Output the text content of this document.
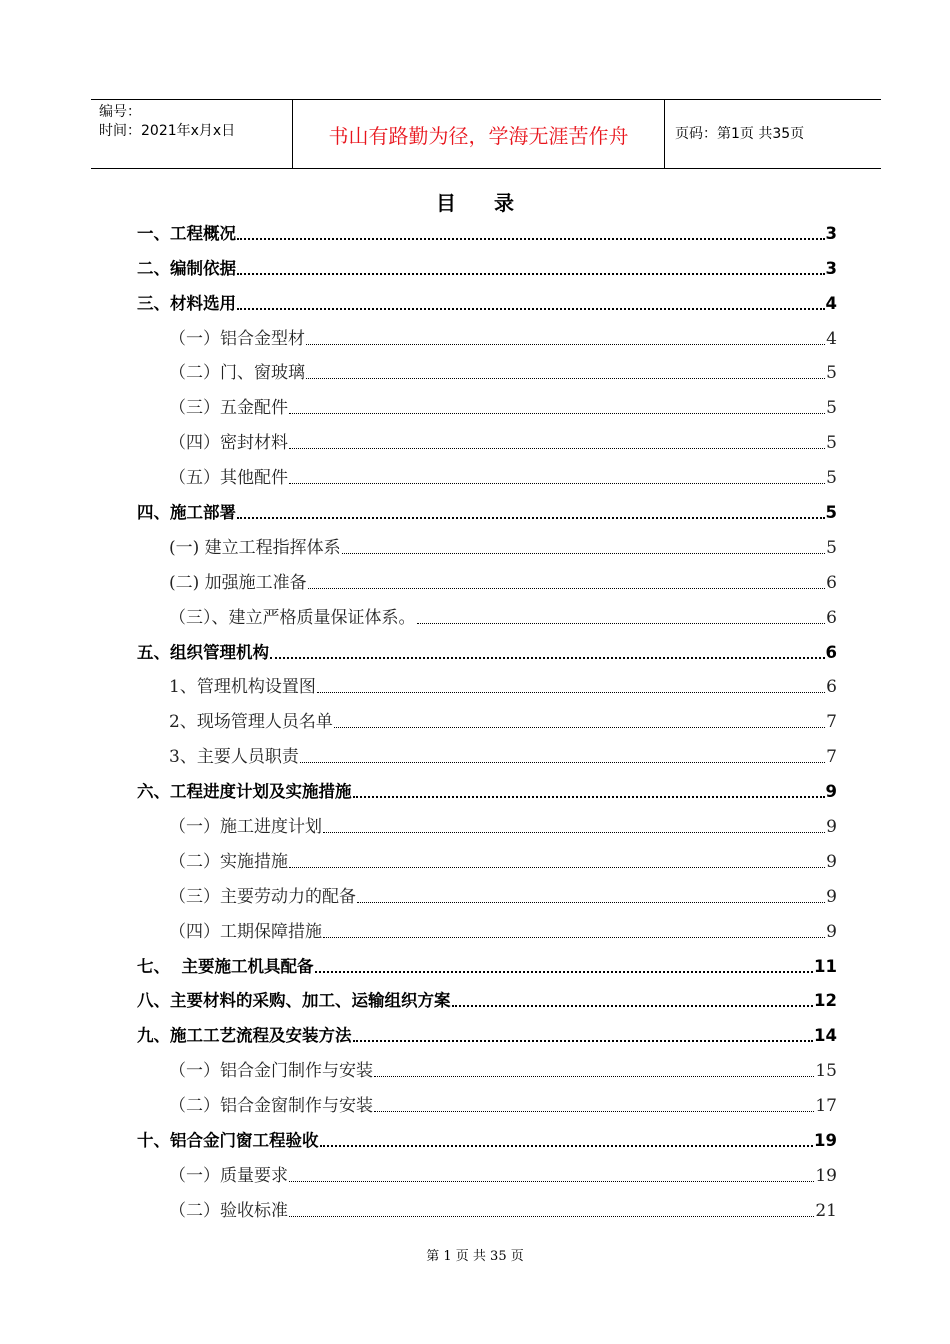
编号：
时间：2021年x月x日	书山有路勤为径，学海无涯苦作舟	页码：第1页 共35页
目录
一、工程概况	3
二、编制依据	3
三、材料选用	4
（一）铝合金型材	4
（二）门、窗玻璃	5
（三）五金配件	5
（四）密封材料	5
（五）其他配件	5
四、施工部署	5
(一) 建立工程指挥体系	5
(二) 加强施工准备	6
（三）、建立严格质量保证体系。	6
五、组织管理机构	6
1、管理机构设置图	6
2、现场管理人员名单	7
3、主要人员职责	7
六、工程进度计划及实施措施	9
（一）施工进度计划	9
（二）实施措施	9
（三）主要劳动力的配备	9
（四）工期保障措施	9
七、  主要施工机具配备	11
八、主要材料的采购、加工、运输组织方案	12
九、施工工艺流程及安装方法	14
（一）铝合金门制作与安装	15
（二）铝合金窗制作与安装	17
十、铝合金门窗工程验收	19
（一）质量要求	19
（二）验收标准	21
第 1 页 共 35 页
